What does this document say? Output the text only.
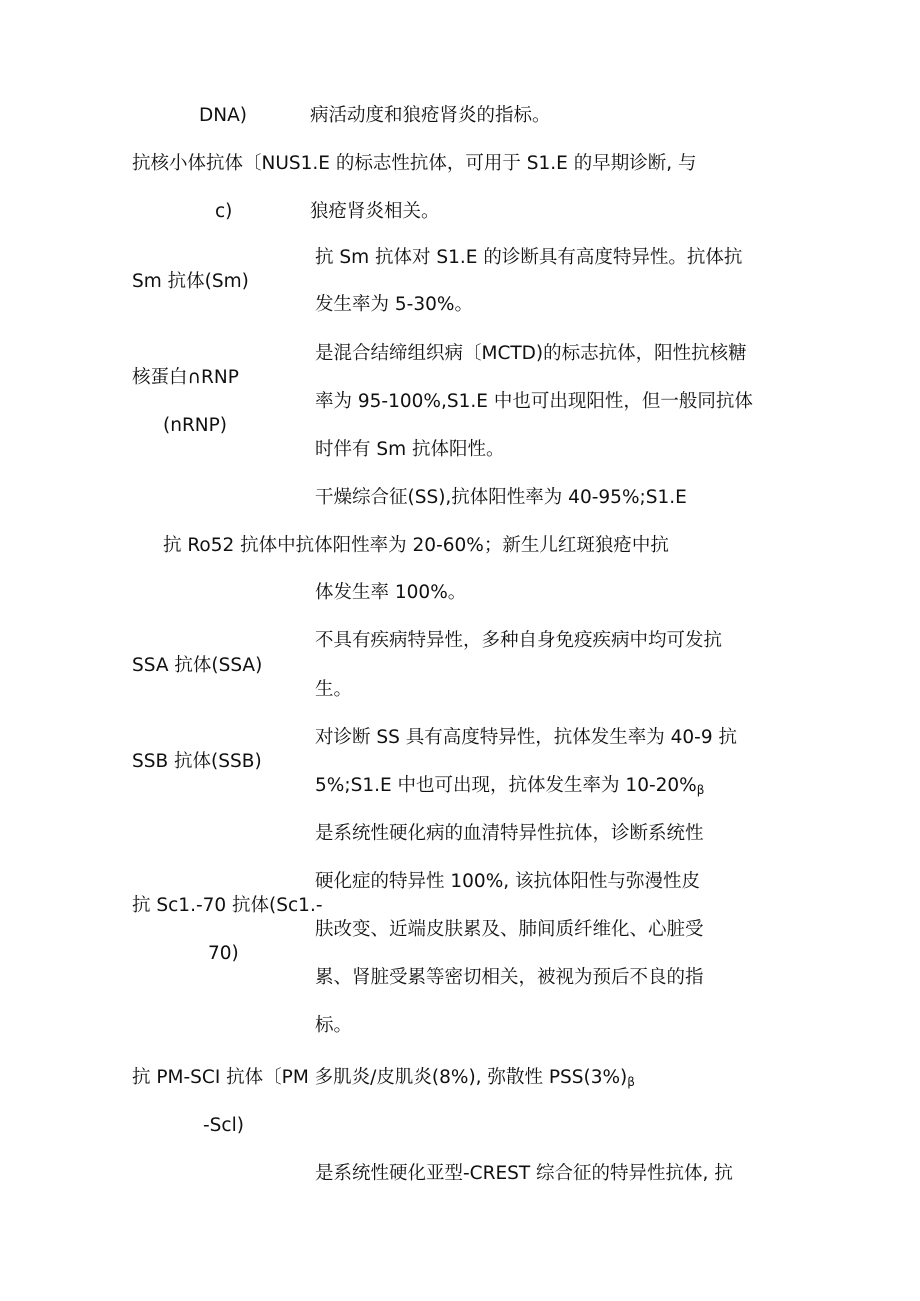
DNA)	病活动度和狼疮肾炎的指标。
抗核小体抗体〔NUS1.E 的标志性抗体，可用于 S1.E 的早期诊断, 与
c)	狼疮肾炎相关。
抗 Sm 抗体对 S1.E 的诊断具有高度特异性。抗体抗
Sm 抗体(Sm)
发生率为 5-30%。
是混合结缔组织病〔MCTD)的标志抗体，阳性抗核糖
核蛋白∩RNP
率为 95-100%,S1.E 中也可出现阳性，但一般同抗体
(nRNP)
时伴有 Sm 抗体阳性。
干燥综合征(SS),抗体阳性率为 40-95%;S1.E
抗 Ro52 抗体中抗体阳性率为 20-60%；新生儿红斑狼疮中抗
体发生率 100%。
不具有疾病特异性，多种自身免疫疾病中均可发抗
SSA 抗体(SSA)
生。
对诊断 SS 具有高度特异性，抗体发生率为 40-9 抗
SSB 抗体(SSB)
5%;S1.E 中也可出现，抗体发生率为 $10-20\%_\beta$
是系统性硬化病的血清特异性抗体，诊断系统性
硬化症的特异性 100%, 该抗体阳性与弥漫性皮
抗 Sc1.-70 抗体(Sc1.-
肤改变、近端皮肤累及、肺间质纤维化、心脏受
70)
累、肾脏受累等密切相关，被视为预后不良的指
标。
抗 PM-SCI 抗体〔PM 多肌炎/皮肌炎(8%), 弥散性 $PSS(3\%)_\beta$
-Scl)
是系统性硬化亚型-CREST 综合征的特异性抗体, 抗
